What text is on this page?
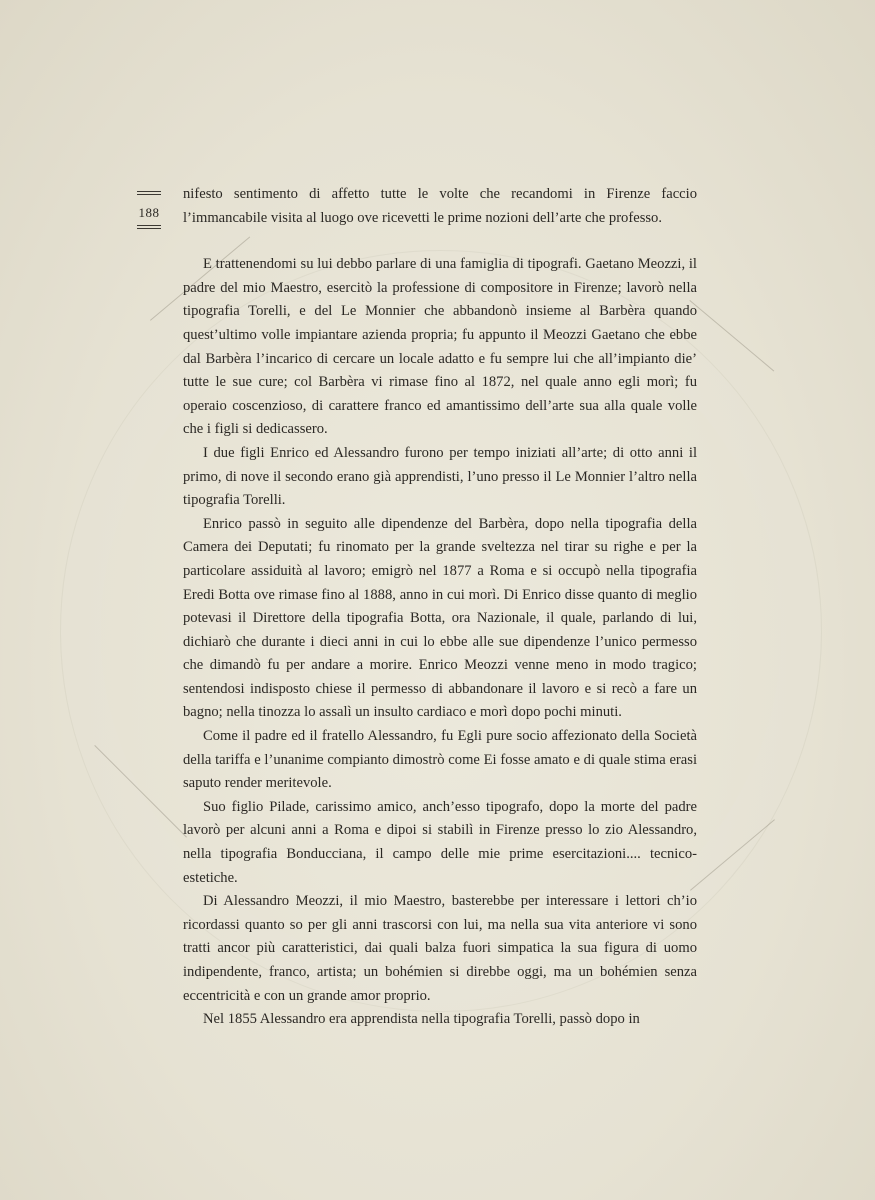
188

nifesto sentimento di affetto tutte le volte che recandomi in Firenze faccio l’immancabile visita al luogo ove ricevetti le prime nozioni dell’arte che professo.

E trattenendomi su lui debbo parlare di una famiglia di tipografi. Gaetano Meozzi, il padre del mio Maestro, esercitò la professione di compositore in Firenze; lavorò nella tipografia Torelli, e del Le Monnier che abbandonò insieme al Barbèra quando quest’ultimo volle impiantare azienda propria; fu appunto il Meozzi Gaetano che ebbe dal Barbèra l’incarico di cercare un locale adatto e fu sempre lui che all’impianto die’ tutte le sue cure; col Barbèra vi rimase fino al 1872, nel quale anno egli morì; fu operaio coscenzioso, di carattere franco ed amantissimo dell’arte sua alla quale volle che i figli si dedicassero.

I due figli Enrico ed Alessandro furono per tempo iniziati all’arte; di otto anni il primo, di nove il secondo erano già apprendisti, l’uno presso il Le Monnier l’altro nella tipografia Torelli.

Enrico passò in seguito alle dipendenze del Barbèra, dopo nella tipografia della Camera dei Deputati; fu rinomato per la grande sveltezza nel tirar su righe e per la particolare assiduità al lavoro; emigrò nel 1877 a Roma e si occupò nella tipografia Eredi Botta ove rimase fino al 1888, anno in cui morì. Di Enrico disse quanto di meglio potevasi il Direttore della tipografia Botta, ora Nazionale, il quale, parlando di lui, dichiarò che durante i dieci anni in cui lo ebbe alle sue dipendenze l’unico permesso che dimandò fu per andare a morire. Enrico Meozzi venne meno in modo tragico; sentendosi indisposto chiese il permesso di abbandonare il lavoro e si recò a fare un bagno; nella tinozza lo assalì un insulto cardiaco e morì dopo pochi minuti.

Come il padre ed il fratello Alessandro, fu Egli pure socio affezionato della Società della tariffa e l’unanime compianto dimostrò come Ei fosse amato e di quale stima erasi saputo render meritevole.

Suo figlio Pilade, carissimo amico, anch’esso tipografo, dopo la morte del padre lavorò per alcuni anni a Roma e dipoi si stabilì in Firenze presso lo zio Alessandro, nella tipografia Bonducciana, il campo delle mie prime esercitazioni.... tecnico-estetiche.

Di Alessandro Meozzi, il mio Maestro, basterebbe per interessare i lettori ch’io ricordassi quanto so per gli anni trascorsi con lui, ma nella sua vita anteriore vi sono tratti ancor più caratteristici, dai quali balza fuori simpatica la sua figura di uomo indipendente, franco, artista; un bohémien si direbbe oggi, ma un bohémien senza eccentricità e con un grande amor proprio.

Nel 1855 Alessandro era apprendista nella tipografia Torelli, passò dopo in
